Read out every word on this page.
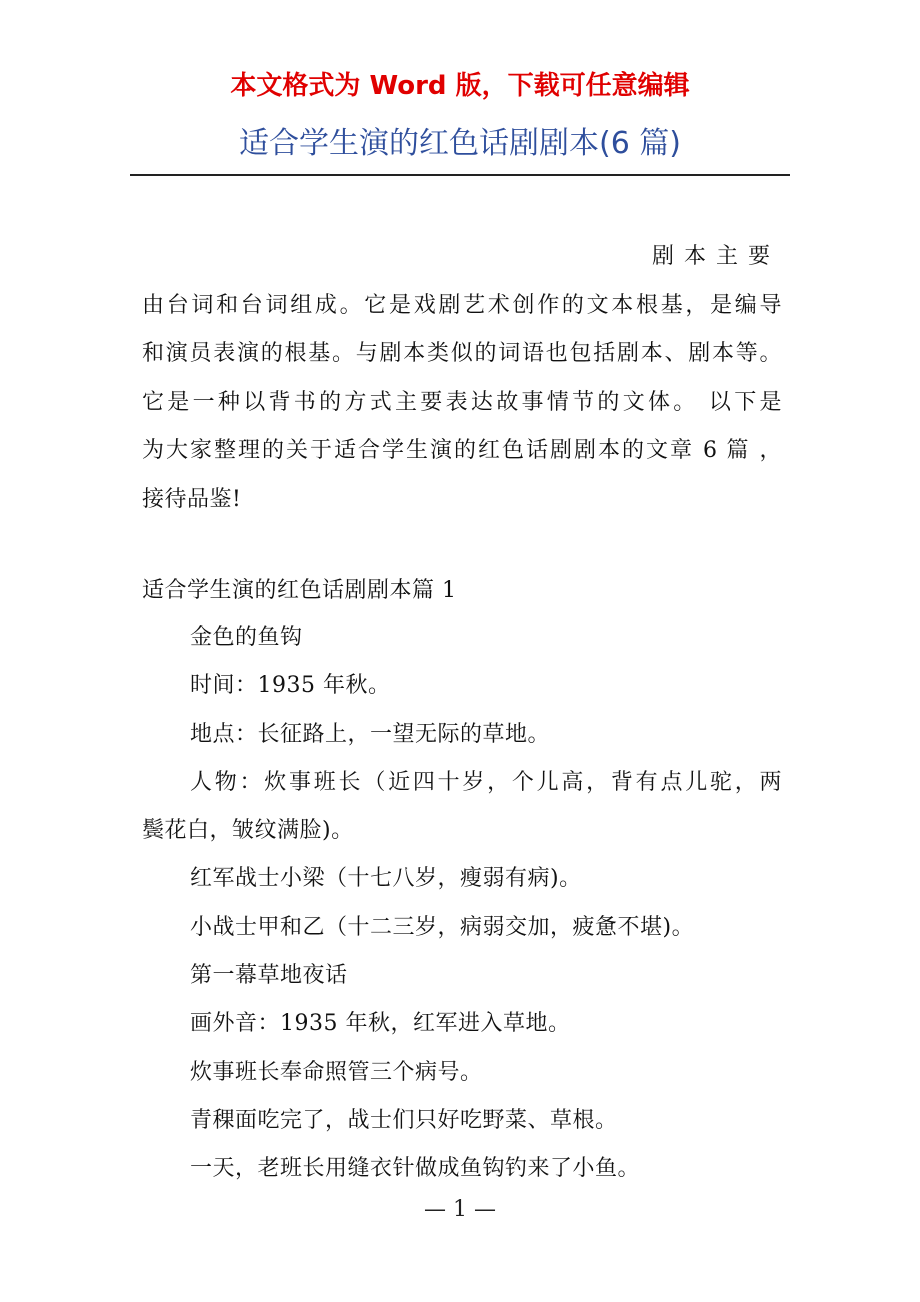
本文格式为 Word 版，下载可任意编辑
适合学生演的红色话剧剧本(6 篇)
剧本主要
由台词和台词组成。它是戏剧艺术创作的文本根基，是编导
和演员表演的根基。与剧本类似的词语也包括剧本、剧本等。
它是一种以背书的方式主要表达故事情节的文体。 以下是
为大家整理的关于适合学生演的红色话剧剧本的文章 6 篇 ，
接待品鉴!
适合学生演的红色话剧剧本篇 1
金色的鱼钩
时间：1935 年秋。
地点：长征路上，一望无际的草地。
人物：炊事班长（近四十岁，个儿高，背有点儿驼，两
鬓花白，皱纹满脸)。
红军战士小梁（十七八岁，瘦弱有病)。
小战士甲和乙（十二三岁，病弱交加，疲惫不堪)。
第一幕草地夜话
画外音：1935 年秋，红军进入草地。
炊事班长奉命照管三个病号。
青稞面吃完了，战士们只好吃野菜、草根。
一天，老班长用缝衣针做成鱼钩钓来了小鱼。
— 1 —
